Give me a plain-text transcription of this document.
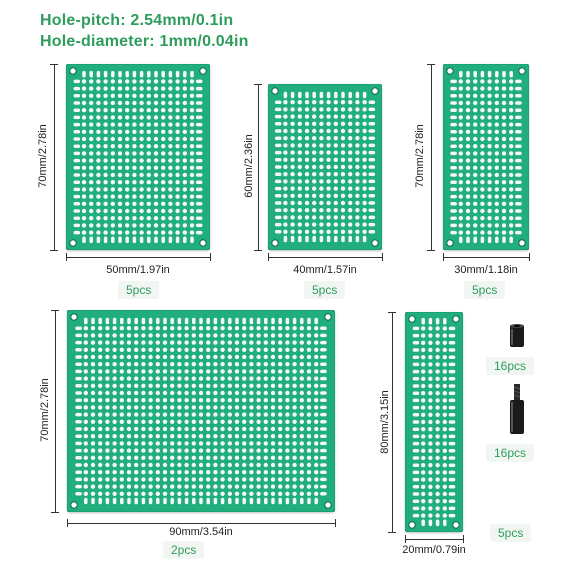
Hole-pitch: 2.54mm/0.1in
Hole-diameter: 1mm/0.04in
70mm/2.78in
50mm/1.97in
5pcs
60mm/2.36in
40mm/1.57in
5pcs
70mm/2.78in
30mm/1.18in
5pcs
70mm/2.78in
90mm/3.54in
2pcs
80mm/3.15in
20mm/0.79in
5pcs
16pcs
16pcs
